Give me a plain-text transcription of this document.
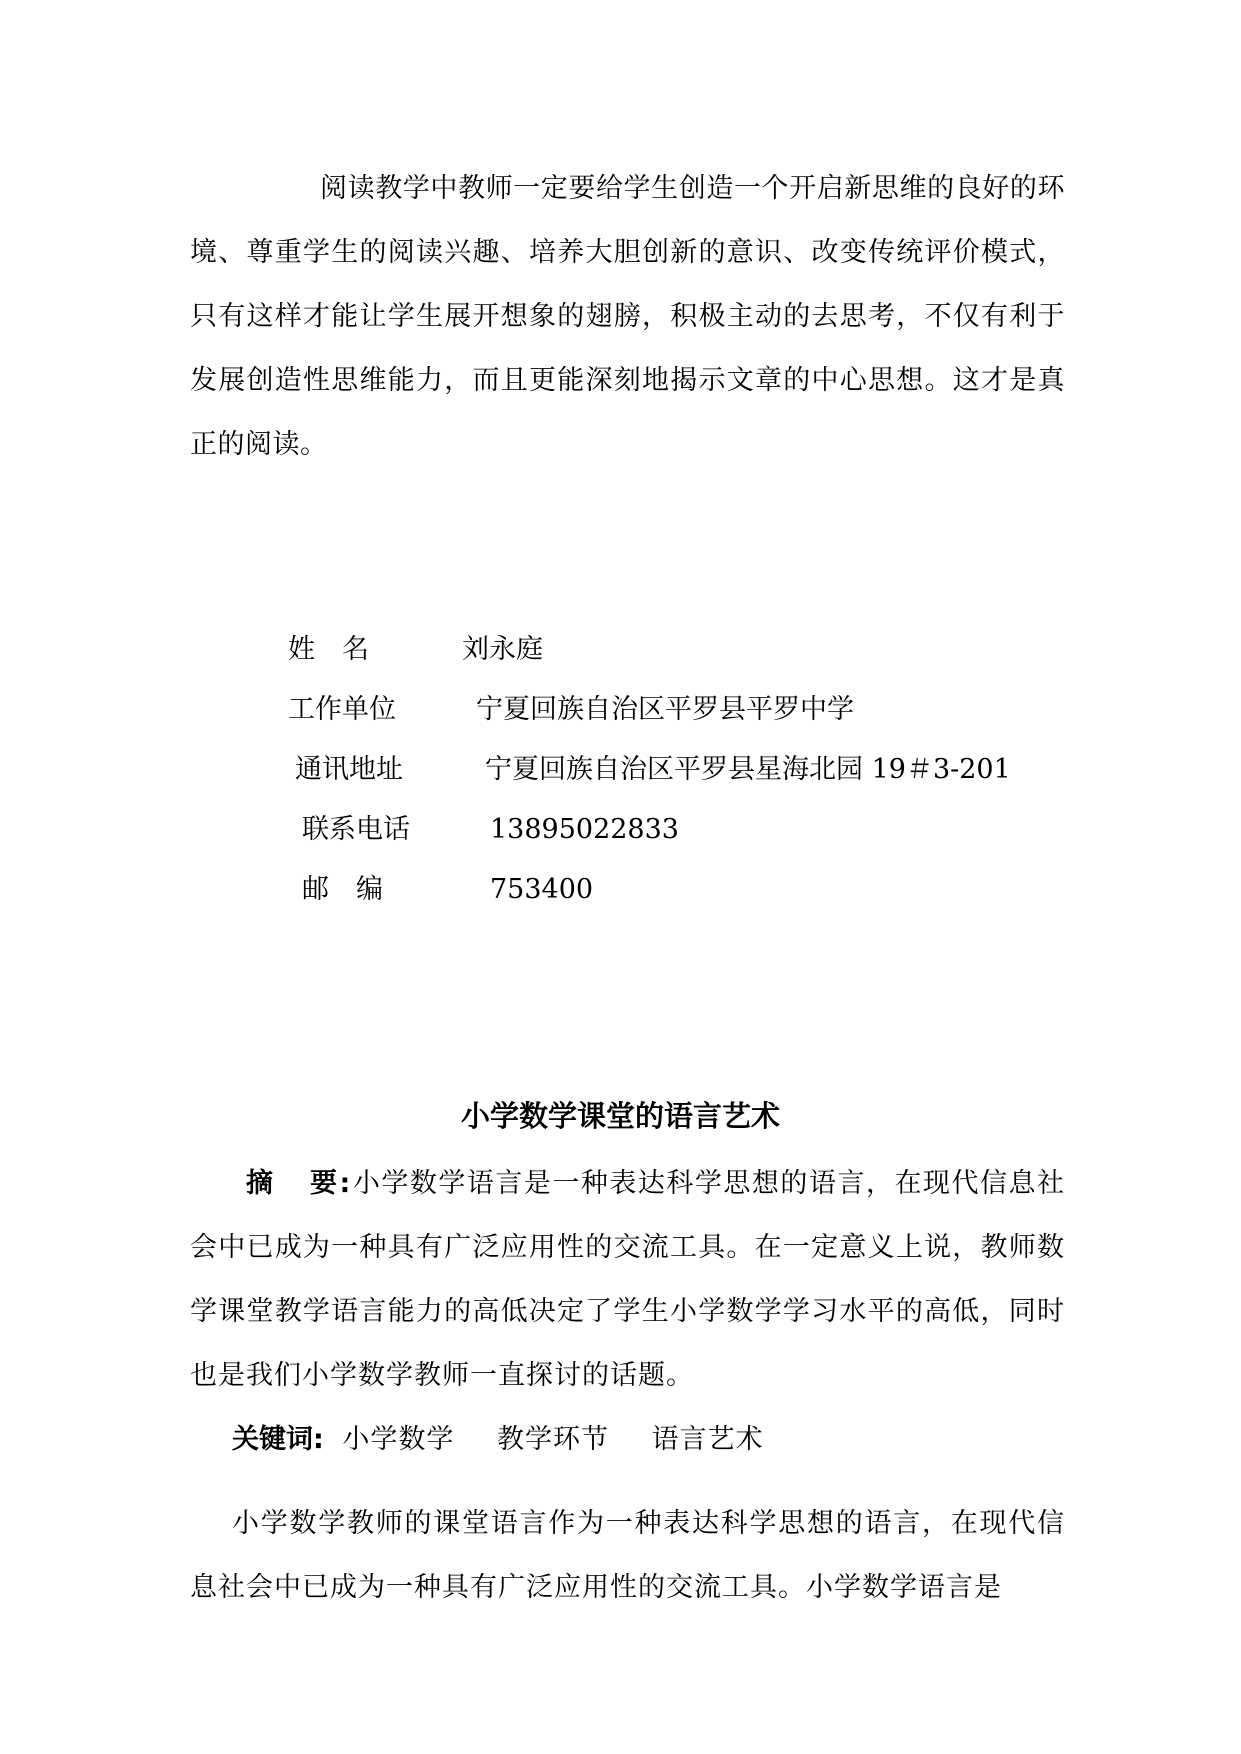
阅读教学中教师一定要给学生创造一个开启新思维的良好的环境、尊重学生的阅读兴趣、培养大胆创新的意识、改变传统评价模式，只有这样才能让学生展开想象的翅膀，积极主动的去思考，不仅有利于发展创造性思维能力，而且更能深刻地揭示文章的中心思想。这才是真正的阅读。

姓　名	刘永庭
工作单位	宁夏回族自治区平罗县平罗中学
通讯地址	宁夏回族自治区平罗县星海北园 19＃3-201
联系电话	13895022833
邮　编	753400
小学数学课堂的语言艺术

摘 要:小学数学语言是一种表达科学思想的语言，在现代信息社会中已成为一种具有广泛应用性的交流工具。在一定意义上说，教师数学课堂教学语言能力的高低决定了学生小学数学学习水平的高低，同时也是我们小学数学教师一直探讨的话题。

关键词: 小学数学 教学环节 语言艺术

小学数学教师的课堂语言作为一种表达科学思想的语言，在现代信息社会中已成为一种具有广泛应用性的交流工具。小学数学语言是
